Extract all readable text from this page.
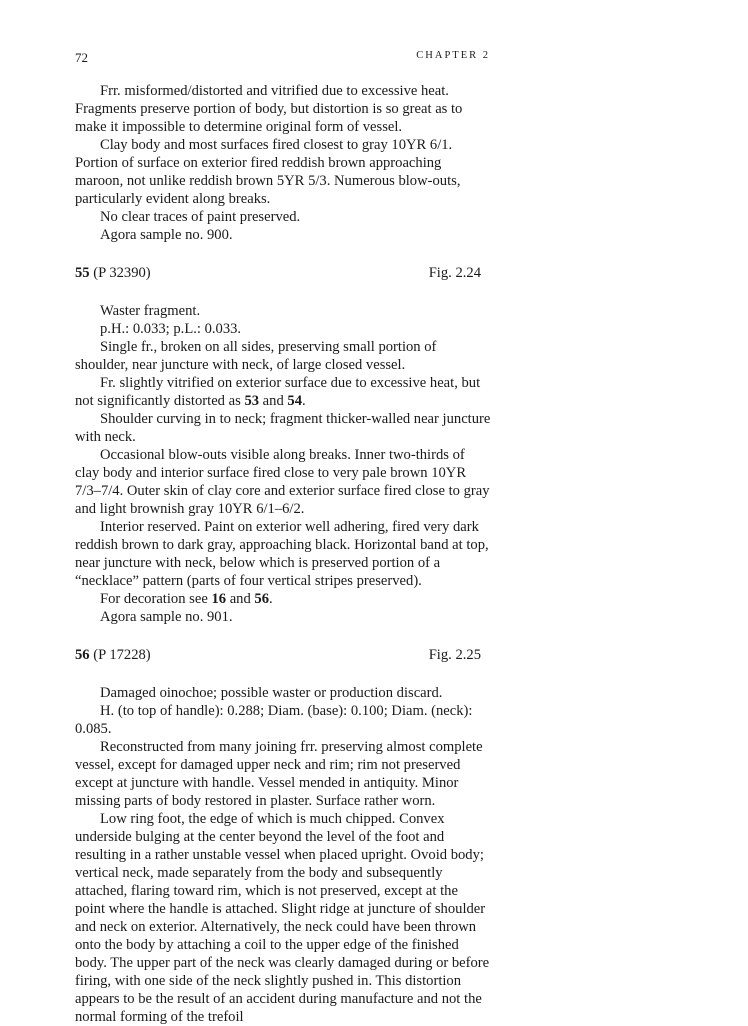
72	CHAPTER 2

Frr. misformed/distorted and vitrified due to excessive heat. Fragments preserve portion of body, but distortion is so great as to make it impossible to determine original form of vessel.

Clay body and most surfaces fired closest to gray 10YR 6/1. Portion of surface on exterior fired reddish brown approaching maroon, not unlike reddish brown 5YR 5/3. Numerous blow-outs, particularly evident along breaks.

No clear traces of paint preserved.

Agora sample no. 900.

55 (P 32390)	Fig. 2.24

Waster fragment.

p.H.: 0.033; p.L.: 0.033.

Single fr., broken on all sides, preserving small portion of shoulder, near juncture with neck, of large closed vessel.

Fr. slightly vitrified on exterior surface due to excessive heat, but not significantly distorted as 53 and 54.

Shoulder curving in to neck; fragment thicker-walled near juncture with neck.

Occasional blow-outs visible along breaks. Inner two-thirds of clay body and interior surface fired close to very pale brown 10YR 7/3–7/4. Outer skin of clay core and exterior surface fired close to gray and light brownish gray 10YR 6/1–6/2.

Interior reserved. Paint on exterior well adhering, fired very dark reddish brown to dark gray, approaching black. Horizontal band at top, near juncture with neck, below which is preserved portion of a “necklace” pattern (parts of four vertical stripes preserved).

For decoration see 16 and 56.

Agora sample no. 901.

56 (P 17228)	Fig. 2.25

Damaged oinochoe; possible waster or production discard.

H. (to top of handle): 0.288; Diam. (base): 0.100; Diam. (neck): 0.085.

Reconstructed from many joining frr. preserving almost complete vessel, except for damaged upper neck and rim; rim not preserved except at juncture with handle. Vessel mended in antiquity. Minor missing parts of body restored in plaster. Surface rather worn.

Low ring foot, the edge of which is much chipped. Convex underside bulging at the center beyond the level of the foot and resulting in a rather unstable vessel when placed upright. Ovoid body; vertical neck, made separately from the body and subsequently attached, flaring toward rim, which is not preserved, except at the point where the handle is attached. Slight ridge at juncture of shoulder and neck on exterior. Alternatively, the neck could have been thrown onto the body by attaching a coil to the upper edge of the finished body. The upper part of the neck was clearly damaged during or before firing, with one side of the neck slightly pushed in. This distortion appears to be the result of an accident during manufacture and not the normal forming of the trefoil
